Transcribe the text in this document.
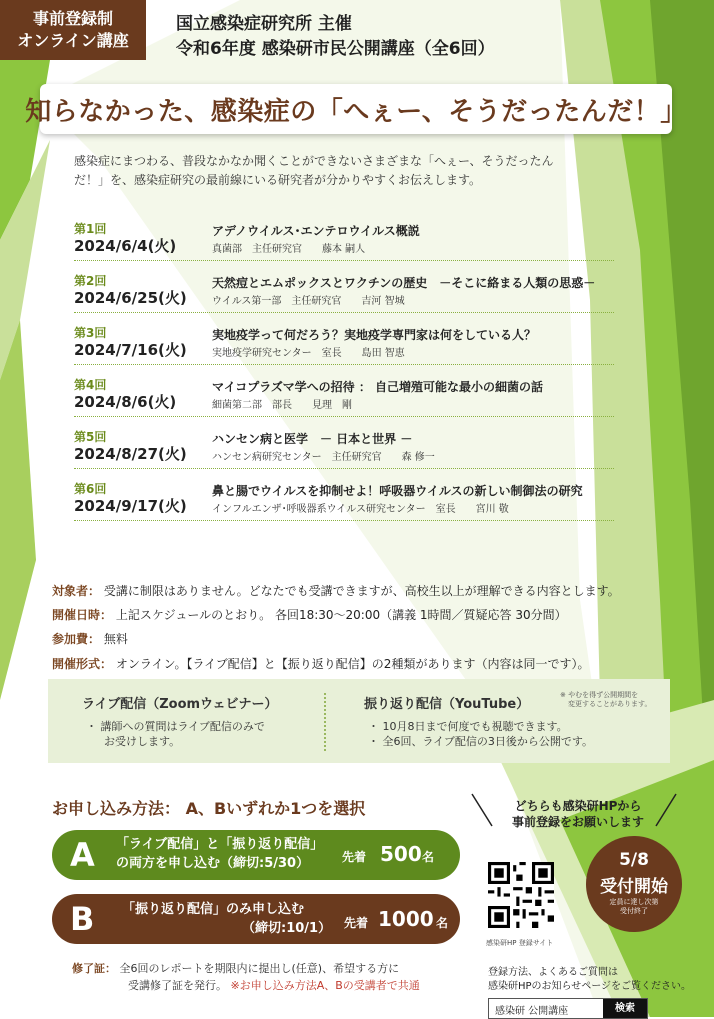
事前登録制
オンライン講座
国立感染症研究所 主催
令和6年度 感染研市民公開講座（全6回）
知らなかった、感染症の「へぇー、そうだったんだ！」
感染症にまつわる、普段なかなか聞くことができないさまざまな「へぇー、そうだったんだ！」を、感染症研究の最前線にいる研究者が分かりやすくお伝えします。
第1回
2024/6/4(火)
アデノウイルス･エンテロウイルス概説
真菌部　主任研究官　　藤本 嗣人
第2回
2024/6/25(火)
天然痘とエムポックスとワクチンの歴史　－そこに絡まる人類の思惑－
ウイルス第一部　主任研究官　　吉河 智城
第3回
2024/7/16(火)
実地疫学って何だろう？実地疫学専門家は何をしている人？
実地疫学研究センター　室長　　島田 智恵
第4回
2024/8/6(火)
マイコプラズマ学への招待 ： 自己増殖可能な最小の細菌の話
細菌第二部　部長　　見理　剛
第5回
2024/8/27(火)
ハンセン病と医学　－ 日本と世界 －
ハンセン病研究センター　主任研究官　　森 修一
第6回
2024/9/17(火)
鼻と腸でウイルスを抑制せよ！呼吸器ウイルスの新しい制御法の研究
インフルエンザ･呼吸器系ウイルス研究センター　室長　　宮川 敬
対象者： 受講に制限はありません。どなたでも受講できますが、高校生以上が理解できる内容とします。
開催日時： 上記スケジュールのとおり。 各回18:30～20:00（講義 1時間／質疑応答 30分間）
参加費： 無料
開催形式： オンライン。【ライブ配信】と【振り返り配信】の2種類があります（内容は同一です）。
ライブ配信（Zoomウェビナー）
・ 講師への質問はライブ配信のみで
お受けします。
振り返り配信（YouTube）
※ やむを得ず公開期間を
変更することがあります。
・ 10月8日まで何度でも視聴できます。
・ 全6回、ライブ配信の3日後から公開です。
お申し込み方法： A、Bいずれか1つを選択
A 「ライブ配信」と「振り返り配信」
の両方を申し込む（締切:5/30）	先着 500 名
B 「振り返り配信」のみ申し込む
（締切:10/1） 先着 1000 名
修了証： 全6回のレポートを期限内に提出し(任意)、希望する方に
受講修了証を発行。 ※お申し込み方法A、Bの受講者で共通
どちらも感染研HPから
事前登録をお願いします
感染研HP 登録サイト
5/8
受付開始
定員に達し次第
受付終了
登録方法、よくあるご質問は
感染研HPのお知らせページをご覧ください。
感染研 公開講座	検索
